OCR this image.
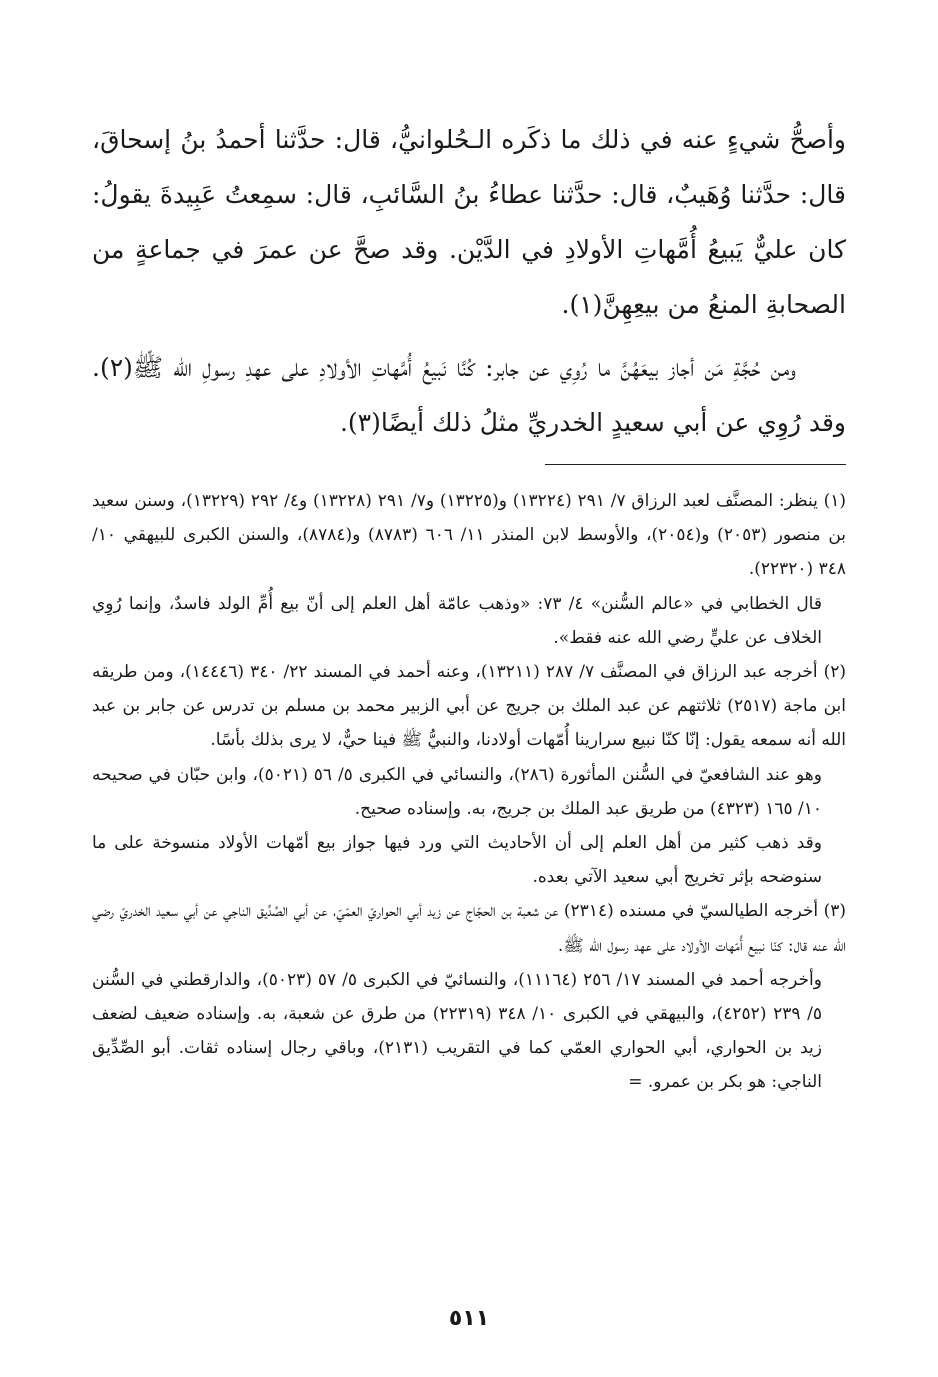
وأصحُّ شيءٍ عنه في ذلك ما ذكَره الـحُلوانيُّ، قال: حدَّثنا أحمدُ بنُ إسحاقَ، قال: حدَّثنا وُهَيبٌ، قال: حدَّثنا عطاءُ بنُ السَّائبِ، قال: سمِعتُ عَبِيدةَ يقولُ: كان عليٌّ يَبيعُ أُمَّهاتِ الأولادِ في الدَّيْن. وقد صحَّ عن عمرَ في جماعةٍ من الصحابةِ المنعُ من بيعِهِنَّ(١).

ومن حُجَّةِ مَن أجاز بيعَهُنَّ ما رُوِي عن جابر: كُنَّا نَبيعُ أُمَّهاتِ الأولادِ على عهدِ رسولِ الله ﷺ(٢). وقد رُوِي عن أبي سعيدٍ الخدريِّ مثلُ ذلك أيضًا(٣).

(١) ينظر: المصنَّف لعبد الرزاق ٧/ ٢٩١ (١٣٢٢٤) و(١٣٢٢٥) و٧/ ٢٩١ (١٣٢٢٨) و٤/ ٢٩٢ (١٣٢٢٩)، وسنن سعيد بن منصور (٢٠٥٣) و(٢٠٥٤)، والأوسط لابن المنذر ١١/ ٦٠٦ (٨٧٨٣) و(٨٧٨٤)، والسنن الكبرى للبيهقي ١٠/ ٣٤٨ (٢٢٣٢٠).

قال الخطابي في «عالم السُّنن» ٤/ ٧٣: «وذهب عامّة أهل العلم إلى أنّ بيع أُمِّ الولد فاسدٌ، وإنما رُوِي الخلاف عن عليٍّ رضي الله عنه فقط».

(٢) أخرجه عبد الرزاق في المصنَّف ٧/ ٢٨٧ (١٣٢١١)، وعنه أحمد في المسند ٢٢/ ٣٤٠ (١٤٤٤٦)، ومن طريقه ابن ماجة (٢٥١٧) ثلاثتهم عن عبد الملك بن جريج عن أبي الزبير محمد بن مسلم بن تدرس عن جابر بن عبد الله أنه سمعه يقول: إنّا كنّا نبيع سرارينا أُمّهات أولادنا، والنبيُّ ﷺ فينا حيٌّ، لا يرى بذلك بأسًا.

وهو عند الشافعيّ في السُّنن المأثورة (٢٨٦)، والنسائي في الكبرى ٥/ ٥٦ (٥٠٢١)، وابن حبّان في صحيحه ١٠/ ١٦٥ (٤٣٢٣) من طريق عبد الملك بن جريج، به. وإسناده صحيح.

وقد ذهب كثير من أهل العلم إلى أن الأحاديث التي ورد فيها جواز بيع أمّهات الأولاد منسوخة على ما سنوضحه بإثر تخريج أبي سعيد الآتي بعده.

(٣) أخرجه الطيالسيّ في مسنده (٢٣١٤) عن شعبة بن الحجّاج عن زيد أبي الحواريّ العمّيّ، عن أبي الصِّدِّيق الناجي عن أبي سعيد الخدريّ رضي الله عنه قال: كنّا نبيع أُمّهات الأولاد على عهد رسول الله ﷺ.

وأخرجه أحمد في المسند ١٧/ ٢٥٦ (١١١٦٤)، والنسائيّ في الكبرى ٥/ ٥٧ (٥٠٢٣)، والدارقطني في السُّنن ٥/ ٢٣٩ (٤٢٥٢)، والبيهقي في الكبرى ١٠/ ٣٤٨ (٢٢٣١٩) من طرق عن شعبة، به. وإسناده ضعيف لضعف زيد بن الحواري، أبي الحواري العمّي كما في التقريب (٢١٣١)، وباقي رجال إسناده ثقات. أبو الصِّدِّيق الناجي: هو بكر بن عمرو. =

٥١١
